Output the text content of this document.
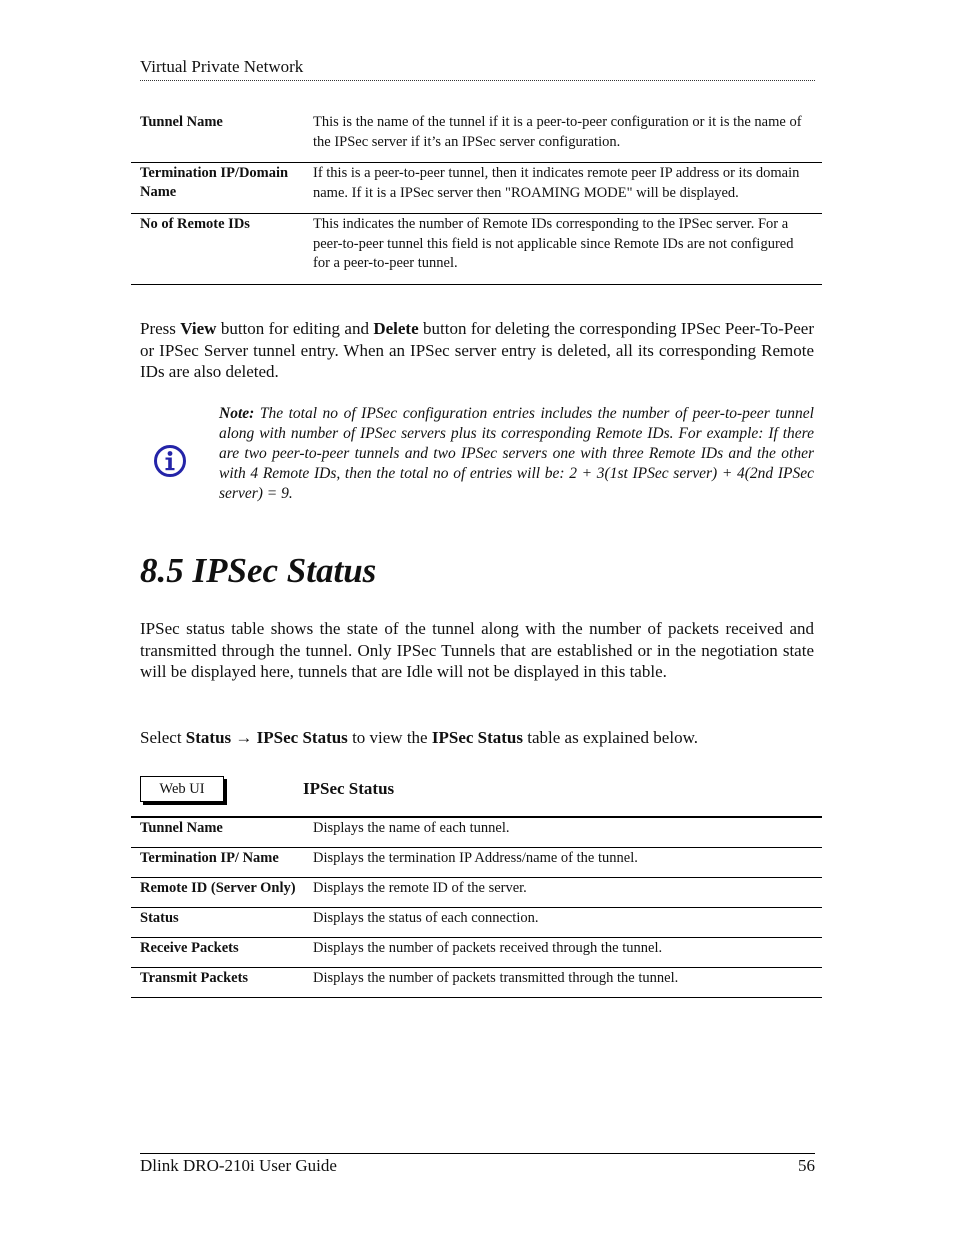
Virtual Private Network
Tunnel Name	This is the name of the tunnel if it is a peer-to-peer configuration or it is the name of the IPSec server if it’s an IPSec server configuration.
Termination IP/Domain Name	If this is a peer-to-peer tunnel, then it indicates remote peer IP address or its domain name. If it is a IPSec server then "ROAMING MODE" will be displayed.
No of Remote IDs	This indicates the number of Remote IDs corresponding to the IPSec server. For a peer-to-peer tunnel this field is not applicable since Remote IDs are not configured for a peer-to-peer tunnel.
Press View button for editing and Delete button for deleting the corresponding IPSec Peer-To-Peer or IPSec Server tunnel entry. When an IPSec server entry is deleted, all its corresponding Remote IDs are also deleted.
Note: The total no of IPSec configuration entries includes the number of peer-to-peer tunnel along with number of IPSec servers plus its corresponding Remote IDs. For example: If there are two peer-to-peer tunnels and two IPSec servers one with three Remote IDs and the other with 4 Remote IDs, then the total no of entries will be: 2 + 3(1st IPSec server) + 4(2nd IPSec server) = 9.
8.5 IPSec Status
IPSec status table shows the state of the tunnel along with the number of packets received and transmitted through the tunnel. Only IPSec Tunnels that are established or in the negotiation state will be displayed here, tunnels that are Idle will not be displayed in this table.
Select Status → IPSec Status to view the IPSec Status table as explained below.
Web UI	IPSec Status
Tunnel Name	Displays the name of each tunnel.
Termination IP/ Name	Displays the termination IP Address/name of the tunnel.
Remote ID (Server Only)	Displays the remote ID of the server.
Status	Displays the status of each connection.
Receive Packets	Displays the number of packets received through the tunnel.
Transmit Packets	Displays the number of packets transmitted through the tunnel.
Dlink DRO-210i User Guide	56
